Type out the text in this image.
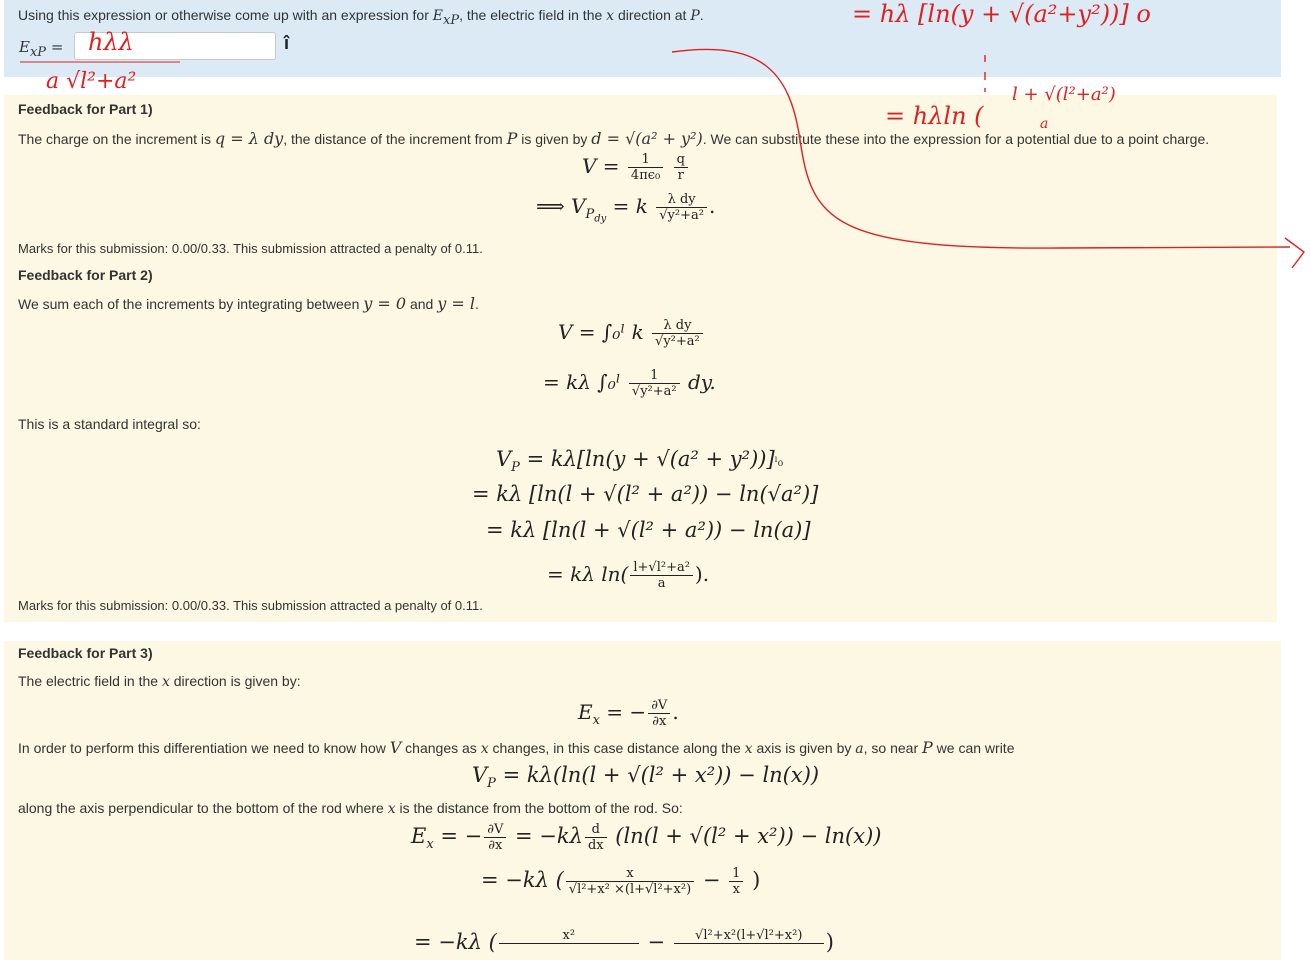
Using this expression or otherwise come up with an expression for $E_{xP}$, the electric field in the x direction at P.
$E_{xP}$ =	î
Feedback for Part 1)
The charge on the increment is q = λ dy, the distance of the increment from P is given by d = √(a² + y²). We can substitute these into the expression for a potential due to a point charge.
$V = \frac{1}{\text{4πϵ₀}}$
$\frac{q}{r}$
⟹ $V_{P_{dy}} = k \frac{\text{λ dy}}{\text{√y²+a²}}$ .
Marks for this submission: 0.00/0.33. This submission attracted a penalty of 0.11.
Feedback for Part 2)
We sum each of the increments by integrating between y = 0 and y = l.
V = ∫₀ˡ k $\frac{\text{λ dy}}{\text{√y²+a²}}$
= kλ ∫₀ˡ $\frac{1}{\text{√y²+a²}}$ dy.
This is a standard integral so:
$V_P = k\lambda[\ln(y + √(a^2$ + y²))]ˡ₀
= kλ [ln(l + √(l² + a²)) − ln(√a²)]
= kλ [ln(l + √(l² + a²)) − ln(a)]
= kλ $\ln( \frac{\text{l+√l²+a²}}{a}$ ).
Marks for this submission: 0.00/0.33. This submission attracted a penalty of 0.11.
Feedback for Part 3)
The electric field in the x direction is given by:
$E_x$ = − $\frac{\partial V}{\partial x}$ .
In order to perform this differentiation we need to know how V changes as x changes, in this case distance along the x axis is given by a, so near P we can write
$V_P = k\lambda(\ln(l + √(l^2 + x^2)) - \ln(x))$
along the axis perpendicular to the bottom of the rod where x is the distance from the bottom of the rod. So:
$E_x$ = − $\frac{\partial V}{\partial x} = -k\lambda \frac{d}{dx} (\ln(l + √(l^2 + x^2)) - \ln(x))$
= −kλ ( $\frac{x}{\text{√l²+x² ×(l+√l²+x²)}} - \frac{1}{x}$ )
= −kλ (	x²
	−	√l²+x²(l+√l²+x²)
	)
= hλ [ln(y + √(a²+y²))] o
= hλln (
l + √(l²+a²)
a
hλλ
a √l²+a²
